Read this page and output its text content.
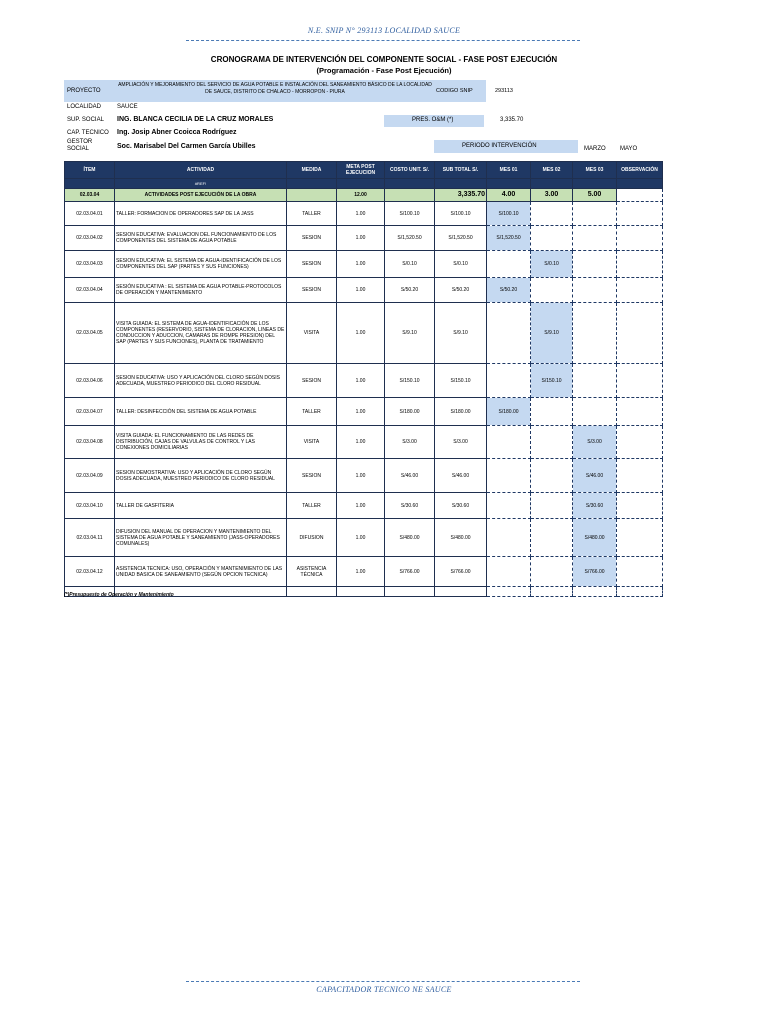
N.E. SNIP N° 293113 LOCALIDAD SAUCE
CRONOGRAMA DE INTERVENCIÓN DEL COMPONENTE SOCIAL - FASE POST EJECUCIÓN
(Programación - Fase Post Ejecución)
PROYECTO
AMPLIACIÓN Y MEJORAMIENTO DEL SERVICIO DE AGUA POTABLE E INSTALACIÓN DEL SANEAMIENTO BÁSICO DE LA LOCALIDAD DE SAUCE, DISTRITO DE CHALACO - MORROPON - PIURA	CODIGO SNIP	293113
LOCALIDAD	SAUCE
SUP. SOCIAL ING. BLANCA CECILIA DE LA CRUZ MORALES	PRES. O&M (*)	3,335.70
CAP. TECNICO Ing. Josip Abner Ccoicca Rodríguez
GESTOR SOCIAL	Soc. Marisabel Del Carmen García Ubilles	PERIODO INTERVENCIÓN	MARZO MAYO
ÍTEM	ACTIVIDAD	MEDIDA	META POST EJECUCION	COSTO UNIT. S/.	SUB TOTAL S/.	MES 01	MES 02	MES 03	OBSERVACIÓN
	#REF!								
02.03.04	ACTIVIDADES POST EJECUCIÓN DE LA OBRA		12.00		3,335.70	4.00	3.00	5.00	
02.03.04.01	TALLER: FORMACION DE OPERADORES SAP DE LA JASS	TALLER	1.00	S/100.10	S/100.10	S/100.10			
02.03.04.02	SESION EDUCATIVA: EVALUACION DEL FUNCIONAMIENTO DE LOS COMPONENTES DEL SISTEMA DE AGUA POTABLE	SESION	1.00	S/1,520.50	S/1,520.50	S/1,520.50			
02.03.04.03	SESION EDUCATIVA: EL SISTEMA DE AGUA-IDENTIFICACIÓN DE LOS COMPONENTES DEL SAP (PARTES Y SUS FUNCIONES)	SESION	1.00	S/0.10	S/0.10		S/0.10		
02.03.04.04	SESIÓN EDUCATIVA : EL SISTEMA DE AGUA POTABLE-PROTOCOLOS DE OPERACIÓN Y MANTENIMIENTO	SESION	1.00	S/50.20	S/50.20	S/50.20			
02.03.04.05	VISITA GUIADA: EL SISTEMA DE AGUA-IDENTIFICACIÓN DE LOS COMPONENTES (RESERVORIO, SISTEMA DE CLORACION, LINEAS DE CONDUCCION Y ADUCCION, CAMARAS DE ROMPE PRESION) DEL SAP (PARTES Y SUS FUNCIONES), PLANTA DE TRATAMIENTO	VISITA	1.00	S/9.10	S/9.10		S/9.10		
02.03.04.06	SESION EDUCATIVA: USO Y APLICACIÓN DEL CLORO SEGÚN DOSIS ADECUADA, MUESTREO PERIODICO DEL CLORO RESIDUAL	SESION	1.00	S/150.10	S/150.10		S/150.10		
02.03.04.07	TALLER: DESINFECCIÓN DEL SISTEMA DE AGUA POTABLE	TALLER	1.00	S/180.00	S/180.00	S/180.00			
02.03.04.08	VISITA GUIADA: EL FUNCIONAMIENTO DE LAS REDES DE DISTRIBUCIÓN, CAJAS DE VALVULAS DE CONTROL Y LAS CONEXIONES DOMICILIARIAS	VISITA	1.00	S/3.00	S/3.00			S/3.00	
02.03.04.09	SESION DEMOSTRATIVA: USO Y APLICACIÓN DE CLORO SEGÚN DOSIS ADECUADA, MUESTREO PERIODICO DE CLORO RESIDUAL	SESION	1.00	S/46.00	S/46.00			S/46.00	
02.03.04.10	TALLER DE GASFITERIA	TALLER	1.00	S/30.60	S/30.60			S/30.60	
02.03.04.11	DIFUSION DEL MANUAL DE OPERACION Y MANTENIMIENTO DEL SISTEMA DE AGUA POTABLE Y SANEAMIENTO (JASS-OPERADORES COMUNALES)	DIFUSION	1.00	S/480.00	S/480.00			S/480.00	
02.03.04.12	ASISTENCIA TECNICA: USO, OPERACIÓN Y MANTENIMIENTO DE LAS UNIDAD BASICA DE SANEAMIENTO (SEGÚN OPCION TECNICA)	ASISTENCIA TÉCNICA	1.00	S/766.00	S/766.00			S/766.00	

(*)Presupuesto de Operación y Mantenimiento
CAPACITADOR TECNICO NE SAUCE
